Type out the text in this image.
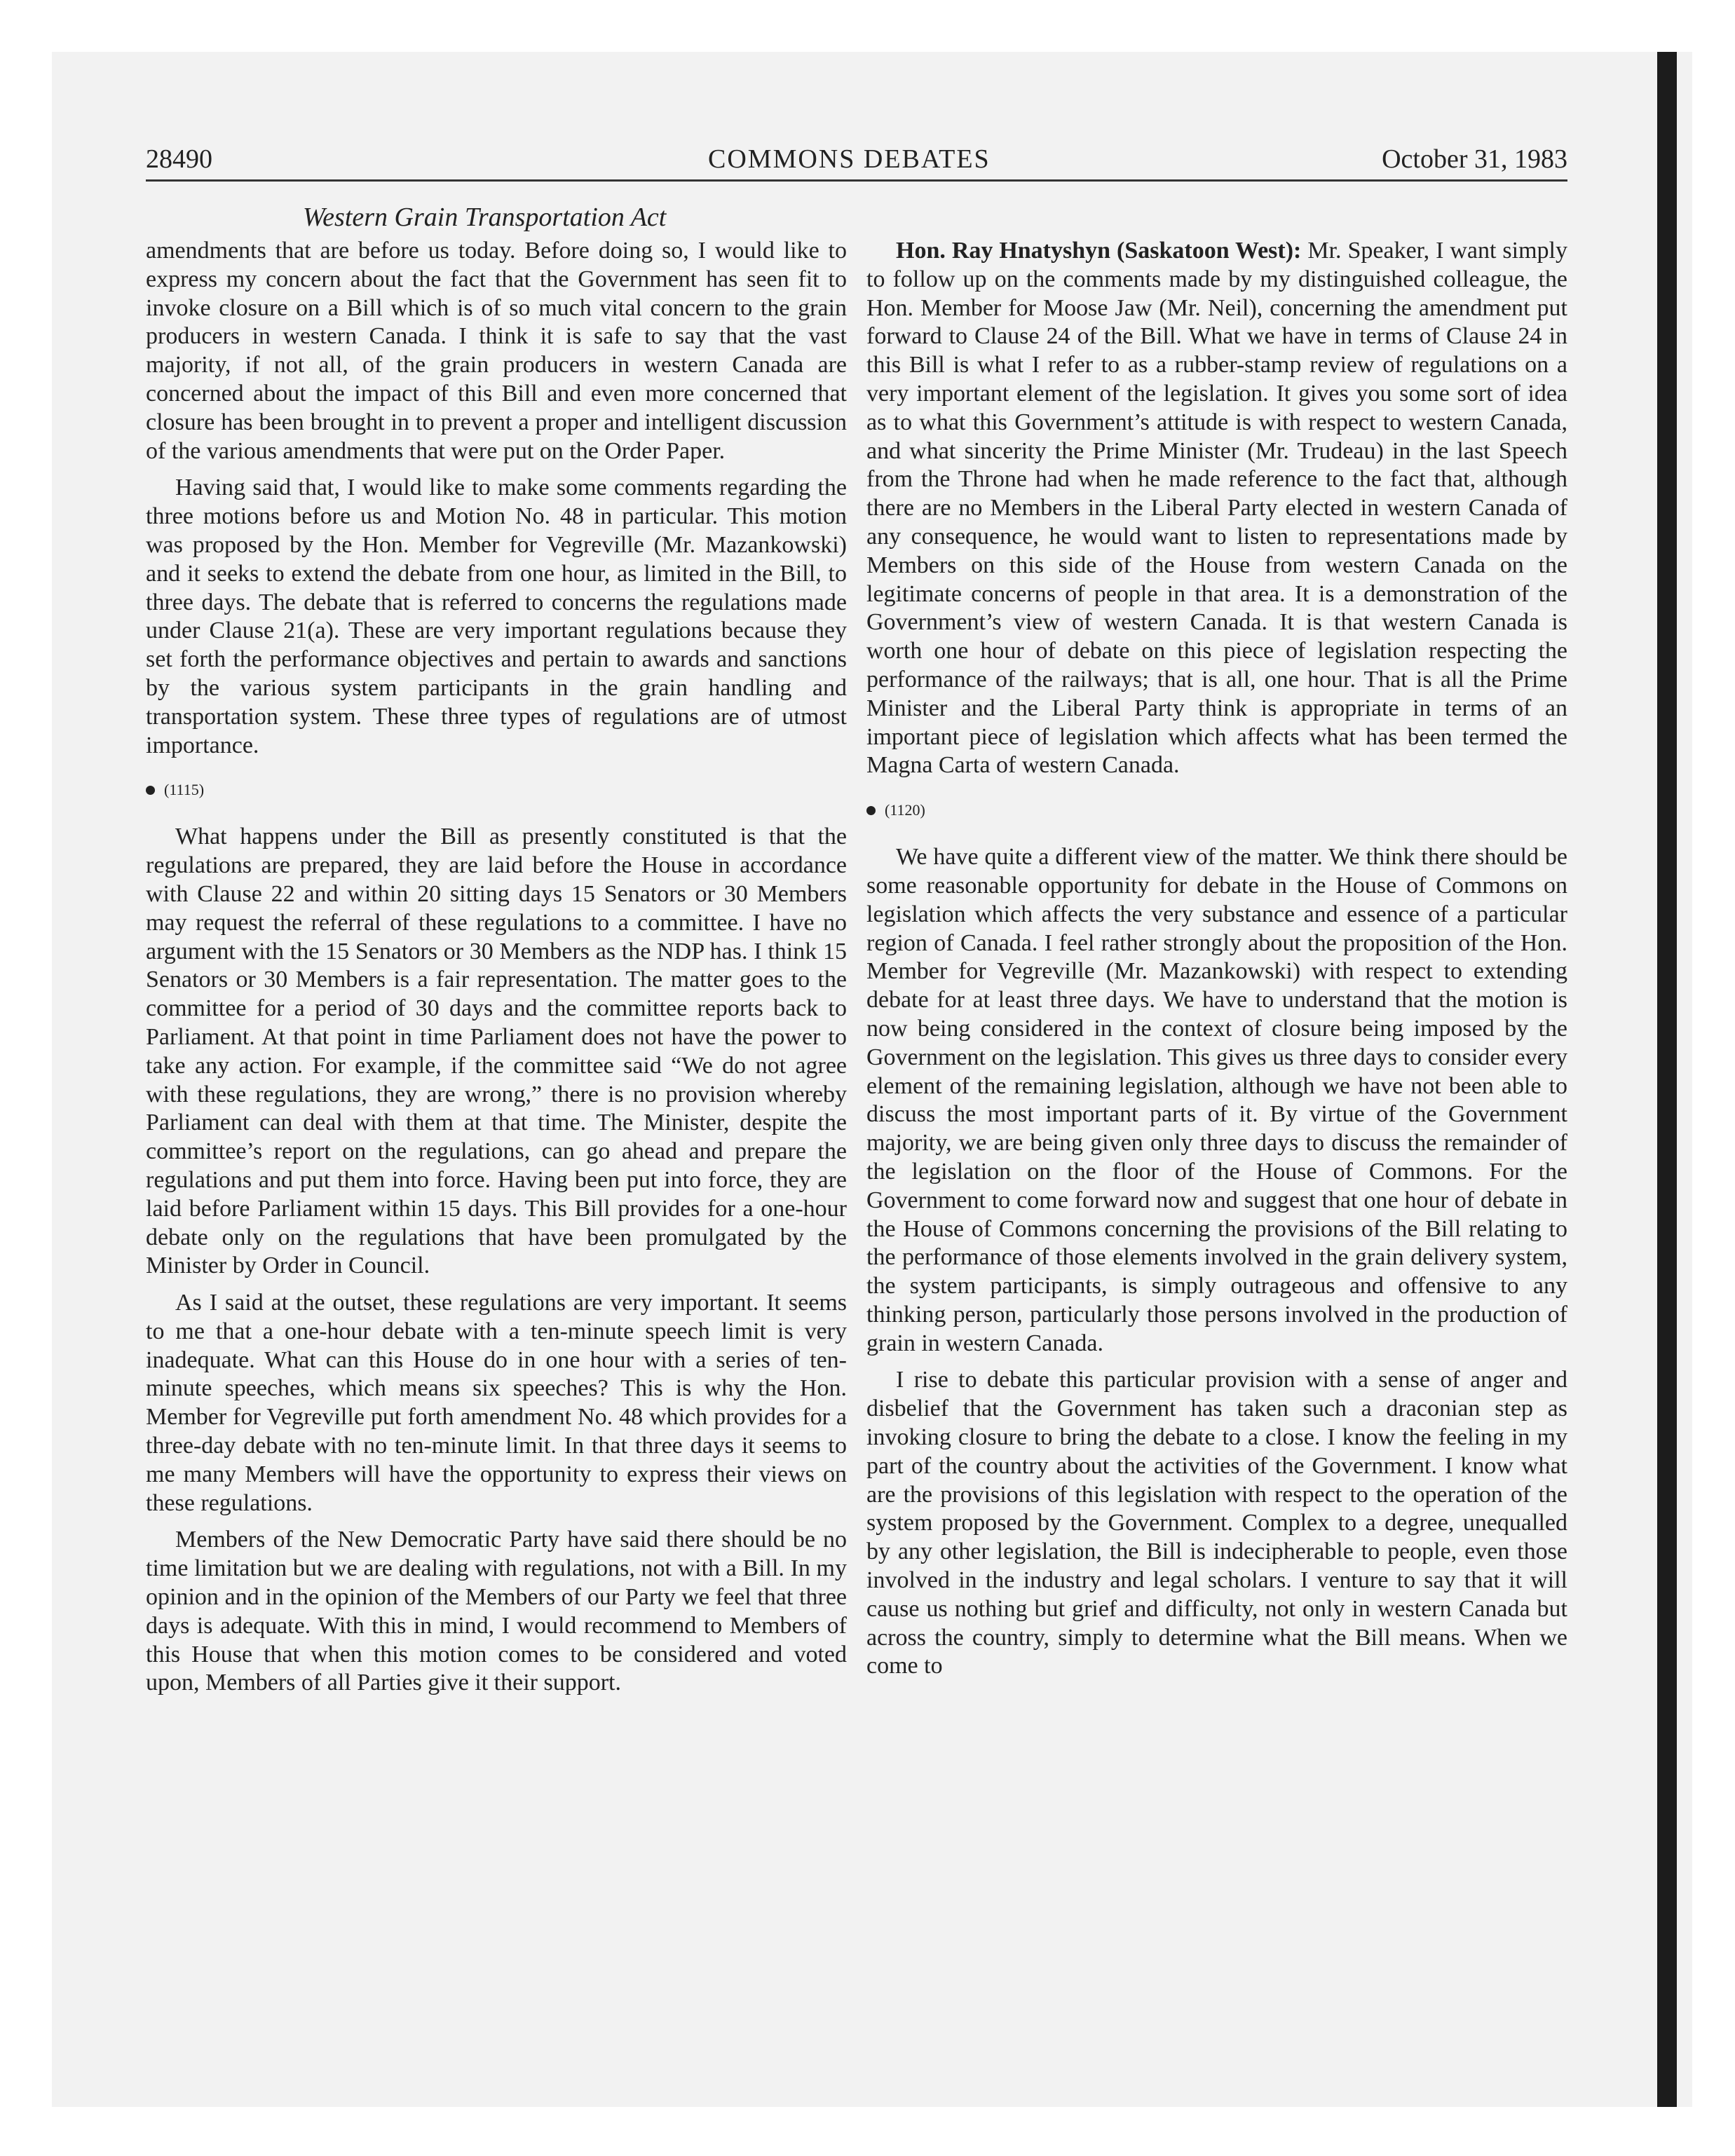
28490	COMMONS DEBATES	October 31, 1983
Western Grain Transportation Act

amendments that are before us today. Before doing so, I would like to express my concern about the fact that the Government has seen fit to invoke closure on a Bill which is of so much vital concern to the grain producers in western Canada. I think it is safe to say that the vast majority, if not all, of the grain producers in western Canada are concerned about the impact of this Bill and even more concerned that closure has been brought in to prevent a proper and intelligent discussion of the various amendments that were put on the Order Paper.

Having said that, I would like to make some comments regarding the three motions before us and Motion No. 48 in particular. This motion was proposed by the Hon. Member for Vegreville (Mr. Mazankowski) and it seeks to extend the debate from one hour, as limited in the Bill, to three days. The debate that is referred to concerns the regulations made under Clause 21(a). These are very important regulations because they set forth the performance objectives and pertain to awards and sanctions by the various system participants in the grain handling and transportation system. These three types of regulations are of utmost importance.

(1115)

What happens under the Bill as presently constituted is that the regulations are prepared, they are laid before the House in accordance with Clause 22 and within 20 sitting days 15 Senators or 30 Members may request the referral of these regulations to a committee. I have no argument with the 15 Senators or 30 Members as the NDP has. I think 15 Senators or 30 Members is a fair representation. The matter goes to the committee for a period of 30 days and the committee reports back to Parliament. At that point in time Parliament does not have the power to take any action. For example, if the committee said “We do not agree with these regulations, they are wrong,” there is no provision whereby Parliament can deal with them at that time. The Minister, despite the committee’s report on the regulations, can go ahead and prepare the regulations and put them into force. Having been put into force, they are laid before Parliament within 15 days. This Bill provides for a one-hour debate only on the regulations that have been promulgated by the Minister by Order in Council.

As I said at the outset, these regulations are very important. It seems to me that a one-hour debate with a ten-minute speech limit is very inadequate. What can this House do in one hour with a series of ten-minute speeches, which means six speeches? This is why the Hon. Member for Vegreville put forth amendment No. 48 which provides for a three-day debate with no ten-minute limit. In that three days it seems to me many Members will have the opportunity to express their views on these regulations.

Members of the New Democratic Party have said there should be no time limitation but we are dealing with regulations, not with a Bill. In my opinion and in the opinion of the Members of our Party we feel that three days is adequate. With this in mind, I would recommend to Members of this House that when this motion comes to be considered and voted upon, Members of all Parties give it their support.

Hon. Ray Hnatyshyn (Saskatoon West): Mr. Speaker, I want simply to follow up on the comments made by my distinguished colleague, the Hon. Member for Moose Jaw (Mr. Neil), concerning the amendment put forward to Clause 24 of the Bill. What we have in terms of Clause 24 in this Bill is what I refer to as a rubber-stamp review of regulations on a very important element of the legislation. It gives you some sort of idea as to what this Government’s attitude is with respect to western Canada, and what sincerity the Prime Minister (Mr. Trudeau) in the last Speech from the Throne had when he made reference to the fact that, although there are no Members in the Liberal Party elected in western Canada of any consequence, he would want to listen to representations made by Members on this side of the House from western Canada on the legitimate concerns of people in that area. It is a demonstration of the Government’s view of western Canada. It is that western Canada is worth one hour of debate on this piece of legislation respecting the performance of the railways; that is all, one hour. That is all the Prime Minister and the Liberal Party think is appropriate in terms of an important piece of legislation which affects what has been termed the Magna Carta of western Canada.

(1120)

We have quite a different view of the matter. We think there should be some reasonable opportunity for debate in the House of Commons on legislation which affects the very substance and essence of a particular region of Canada. I feel rather strongly about the proposition of the Hon. Member for Vegreville (Mr. Mazankowski) with respect to extending debate for at least three days. We have to understand that the motion is now being considered in the context of closure being imposed by the Government on the legislation. This gives us three days to consider every element of the remaining legislation, although we have not been able to discuss the most important parts of it. By virtue of the Government majority, we are being given only three days to discuss the remainder of the legislation on the floor of the House of Commons. For the Government to come forward now and suggest that one hour of debate in the House of Commons concerning the provisions of the Bill relating to the performance of those elements involved in the grain delivery system, the system participants, is simply outrageous and offensive to any thinking person, particularly those persons involved in the production of grain in western Canada.

I rise to debate this particular provision with a sense of anger and disbelief that the Government has taken such a draconian step as invoking closure to bring the debate to a close. I know the feeling in my part of the country about the activities of the Government. I know what are the provisions of this legislation with respect to the operation of the system proposed by the Government. Complex to a degree, unequalled by any other legislation, the Bill is indecipherable to people, even those involved in the industry and legal scholars. I venture to say that it will cause us nothing but grief and difficulty, not only in western Canada but across the country, simply to determine what the Bill means. When we come to
